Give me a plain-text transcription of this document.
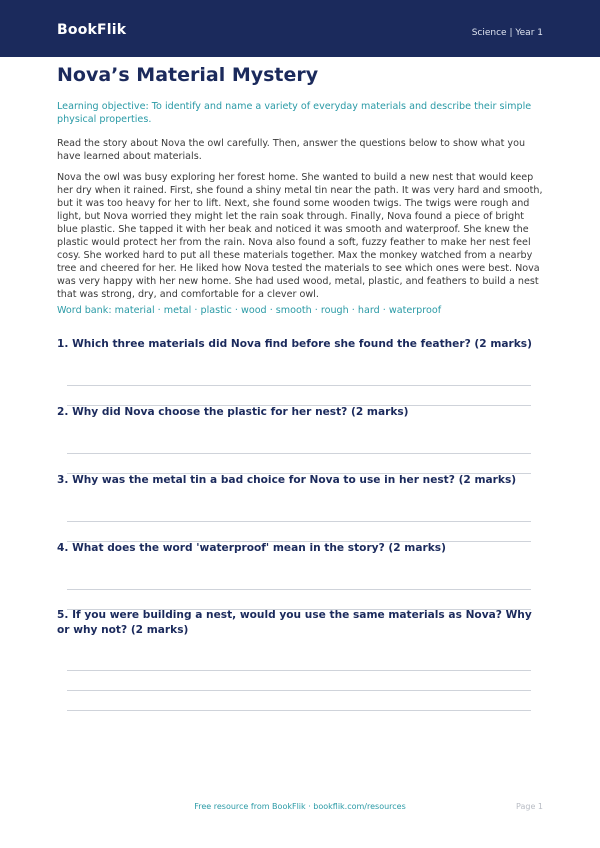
BookFlik	Science | Year 1
Nova’s Material Mystery
Learning objective: To identify and name a variety of everyday materials and describe their simple physical properties.
Read the story about Nova the owl carefully. Then, answer the questions below to show what you have learned about materials.
Nova the owl was busy exploring her forest home. She wanted to build a new nest that would keep her dry when it rained. First, she found a shiny metal tin near the path. It was very hard and smooth, but it was too heavy for her to lift. Next, she found some wooden twigs. The twigs were rough and light, but Nova worried they might let the rain soak through. Finally, Nova found a piece of bright blue plastic. She tapped it with her beak and noticed it was smooth and waterproof. She knew the plastic would protect her from the rain. Nova also found a soft, fuzzy feather to make her nest feel cosy. She worked hard to put all these materials together. Max the monkey watched from a nearby tree and cheered for her. He liked how Nova tested the materials to see which ones were best. Nova was very happy with her new home. She had used wood, metal, plastic, and feathers to build a nest that was strong, dry, and comfortable for a clever owl.
Word bank: material · metal · plastic · wood · smooth · rough · hard · waterproof
1. Which three materials did Nova find before she found the feather? (2 marks)
2. Why did Nova choose the plastic for her nest? (2 marks)
3. Why was the metal tin a bad choice for Nova to use in her nest? (2 marks)
4. What does the word 'waterproof' mean in the story? (2 marks)
5. If you were building a nest, would you use the same materials as Nova? Why or why not? (2 marks)
Free resource from BookFlik · bookflik.com/resources	Page 1
